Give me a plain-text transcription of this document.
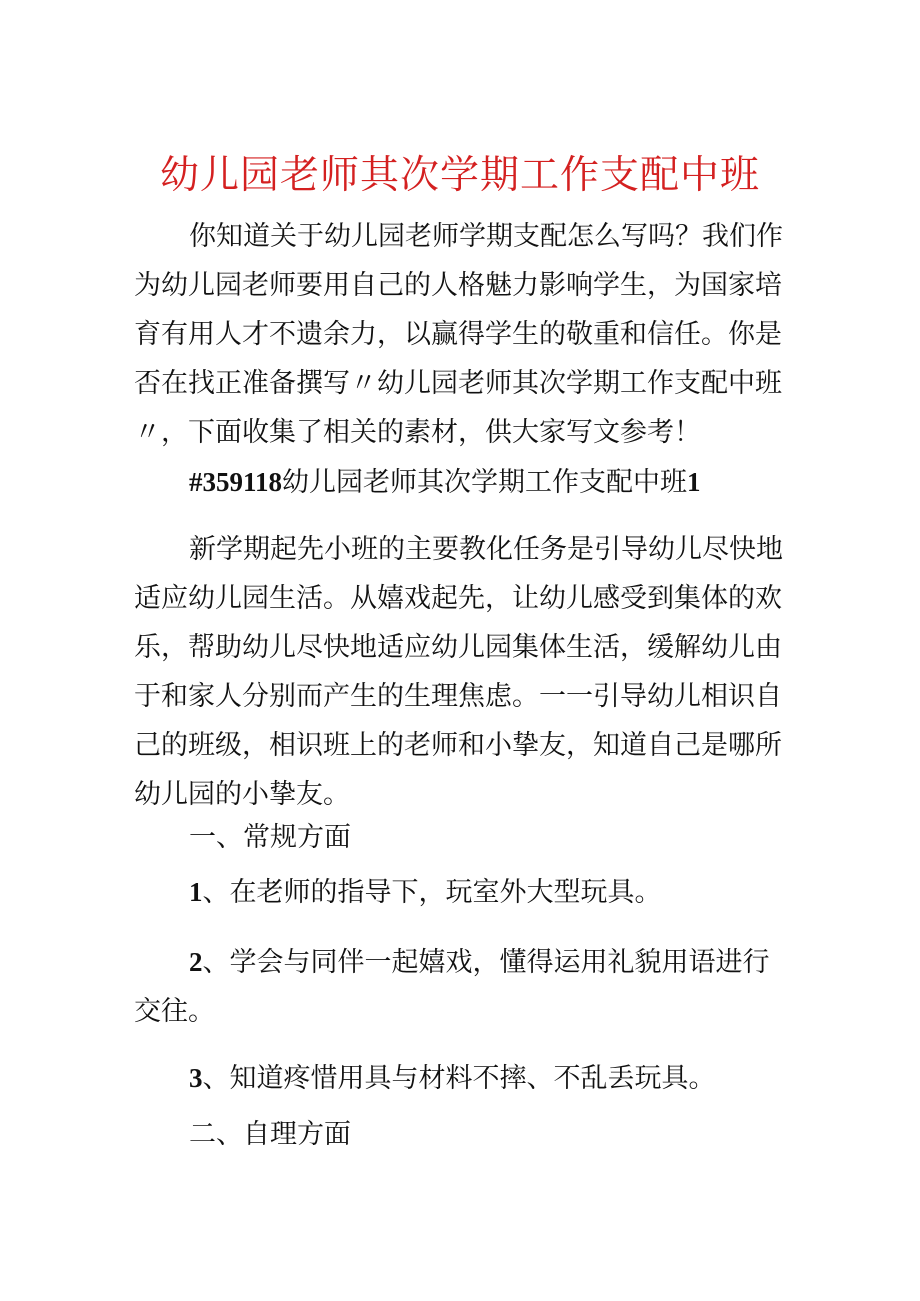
幼儿园老师其次学期工作支配中班

你知道关于幼儿园老师学期支配怎么写吗？我们作为幼儿园老师要用自己的人格魅力影响学生，为国家培育有用人才不遗余力，以赢得学生的敬重和信任。你是否在找正准备撰写〃幼儿园老师其次学期工作支配中班〃，下面收集了相关的素材，供大家写文参考！

#359118幼儿园老师其次学期工作支配中班1

新学期起先小班的主要教化任务是引导幼儿尽快地适应幼儿园生活。从嬉戏起先，让幼儿感受到集体的欢乐，帮助幼儿尽快地适应幼儿园集体生活，缓解幼儿由于和家人分别而产生的生理焦虑。一一引导幼儿相识自己的班级，相识班上的老师和小挚友，知道自己是哪所幼儿园的小挚友。

一、常规方面

1、在老师的指导下，玩室外大型玩具。

2、学会与同伴一起嬉戏，懂得运用礼貌用语进行交往。

3、知道疼惜用具与材料不摔、不乱丢玩具。

二、自理方面
